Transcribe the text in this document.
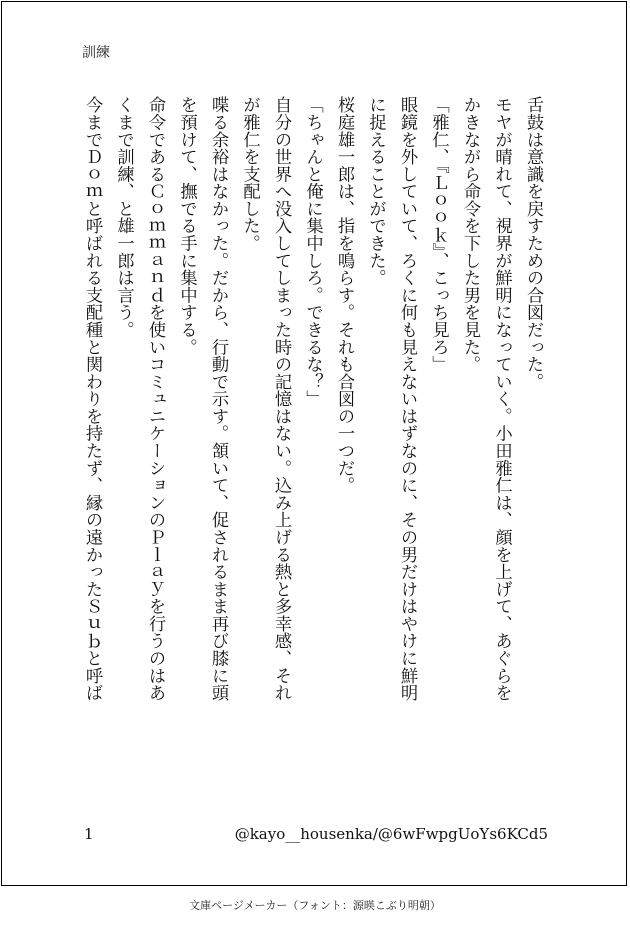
訓練
舌鼓は意識を戻すための合図だった。
モヤが晴れて、視界が鮮明になっていく。小田雅仁は、顔を上げて、あぐらを
かきながら命令を下した男を見た。
「雅仁、『Ｌｏｏｋ』、こっち見ろ」
眼鏡を外していて、ろくに何も見えないはずなのに、その男だけはやけに鮮明
に捉えることができた。
桜庭雄一郎は、指を鳴らす。それも合図の一つだ。
「ちゃんと俺に集中しろ。できるな？」
自分の世界へ没入してしまった時の記憶はない。込み上げる熱と多幸感、それ
が雅仁を支配した。
喋る余裕はなかった。だから、行動で示す。頷いて、促されるまま再び膝に頭
を預けて、撫でる手に集中する。
命令であるＣｏｍｍａｎｄを使いコミュニケーションのＰｌａｙを行うのはあ
くまで訓練、と雄一郎は言う。
今までＤｏｍと呼ばれる支配種と関わりを持たず、縁の遠かったＳｕｂと呼ば
1	@kayo__housenka/@6wFwpgUoYs6KCd5
文庫ページメーカー（フォント：源暎こぶり明朝）
